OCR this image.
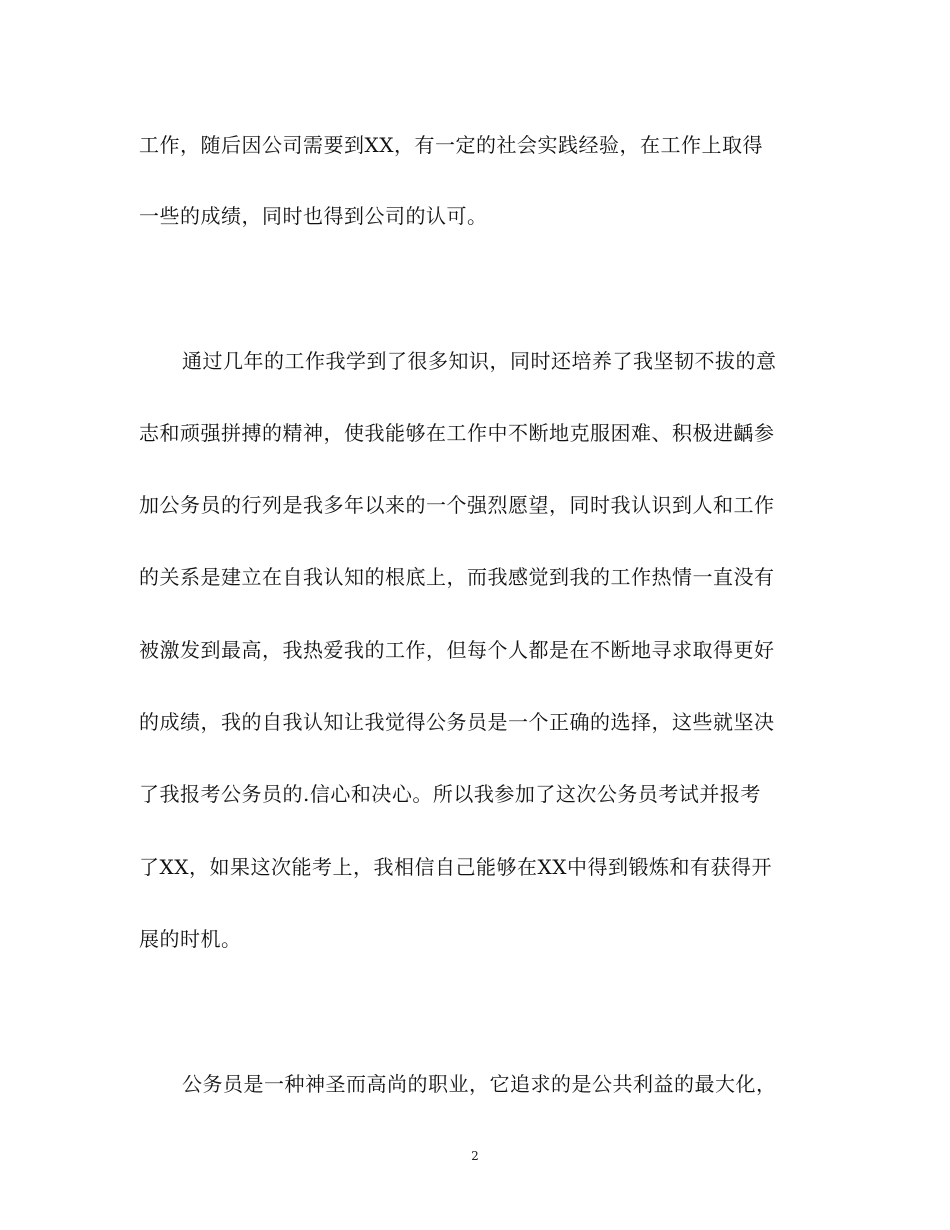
工作，随后因公司需要到XX，有一定的社会实践经验，在工作上取得
一些的成绩，同时也得到公司的认可。
通过几年的工作我学到了很多知识，同时还培养了我坚韧不拔的意
志和顽强拼搏的精神，使我能够在工作中不断地克服困难、积极进齲参
加公务员的行列是我多年以来的一个强烈愿望，同时我认识到人和工作
的关系是建立在自我认知的根底上，而我感觉到我的工作热情一直没有
被激发到最高，我热爱我的工作，但每个人都是在不断地寻求取得更好
的成绩，我的自我认知让我觉得公务员是一个正确的选择，这些就坚决
了我报考公务员的.信心和决心。所以我参加了这次公务员考试并报考
了XX，如果这次能考上，我相信自己能够在XX中得到锻炼和有获得开
展的时机。
公务员是一种神圣而高尚的职业，它追求的是公共利益的最大化，
2
